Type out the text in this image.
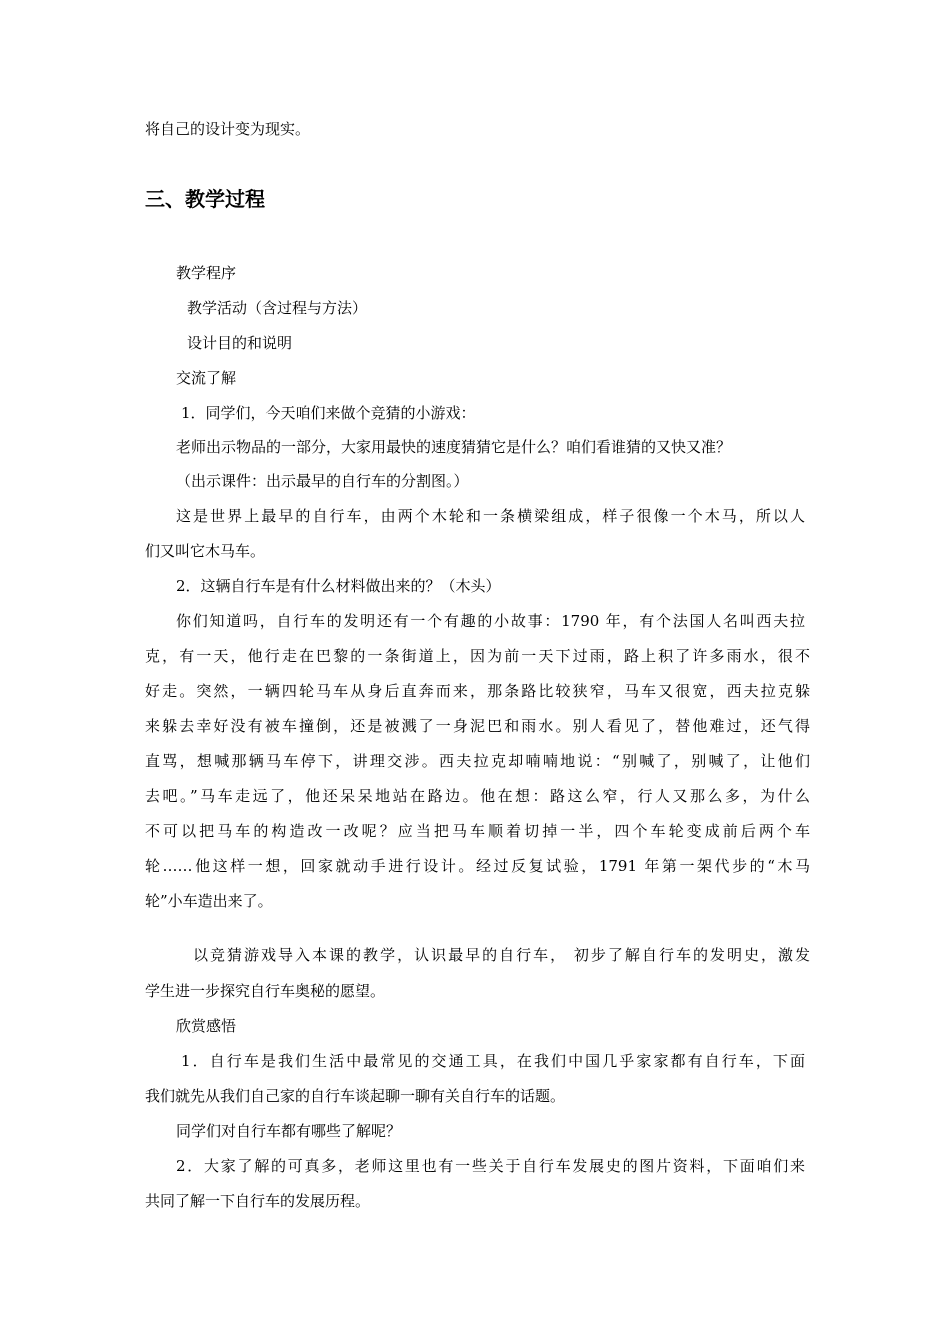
将自己的设计变为现实。

三、教学过程

教学程序

教学活动（含过程与方法）

设计目的和说明

交流了解

1．同学们，今天咱们来做个竞猜的小游戏：

老师出示物品的一部分，大家用最快的速度猜猜它是什么？咱们看谁猜的又快又准？

（出示课件：出示最早的自行车的分割图。）

这是世界上最早的自行车，由两个木轮和一条横梁组成，样子很像一个木马，所以人

们又叫它木马车。

2．这辆自行车是有什么材料做出来的？（木头）

你们知道吗，自行车的发明还有一个有趣的小故事：1790 年，有个法国人名叫西夫拉

克，有一天，他行走在巴黎的一条街道上，因为前一天下过雨，路上积了许多雨水，很不

好走。突然，一辆四轮马车从身后直奔而来，那条路比较狭窄，马车又很宽，西夫拉克躲

来躲去幸好没有被车撞倒，还是被溅了一身泥巴和雨水。别人看见了，替他难过，还气得

直骂，想喊那辆马车停下，讲理交涉。西夫拉克却喃喃地说：“别喊了，别喊了，让他们

去吧。”马车走远了，他还呆呆地站在路边。他在想：路这么窄，行人又那么多，为什么

不可以把马车的构造改一改呢？应当把马车顺着切掉一半，四个车轮变成前后两个车

轮……他这样一想，回家就动手进行设计。经过反复试验，1791 年第一架代步的“木马

轮”小车造出来了。

以竞猜游戏导入本课的教学，认识最早的自行车， 初步了解自行车的发明史，激发

学生进一步探究自行车奥秘的愿望。

欣赏感悟

1．自行车是我们生活中最常见的交通工具，在我们中国几乎家家都有自行车，下面

我们就先从我们自己家的自行车谈起聊一聊有关自行车的话题。

同学们对自行车都有哪些了解呢？

2．大家了解的可真多，老师这里也有一些关于自行车发展史的图片资料，下面咱们来

共同了解一下自行车的发展历程。
